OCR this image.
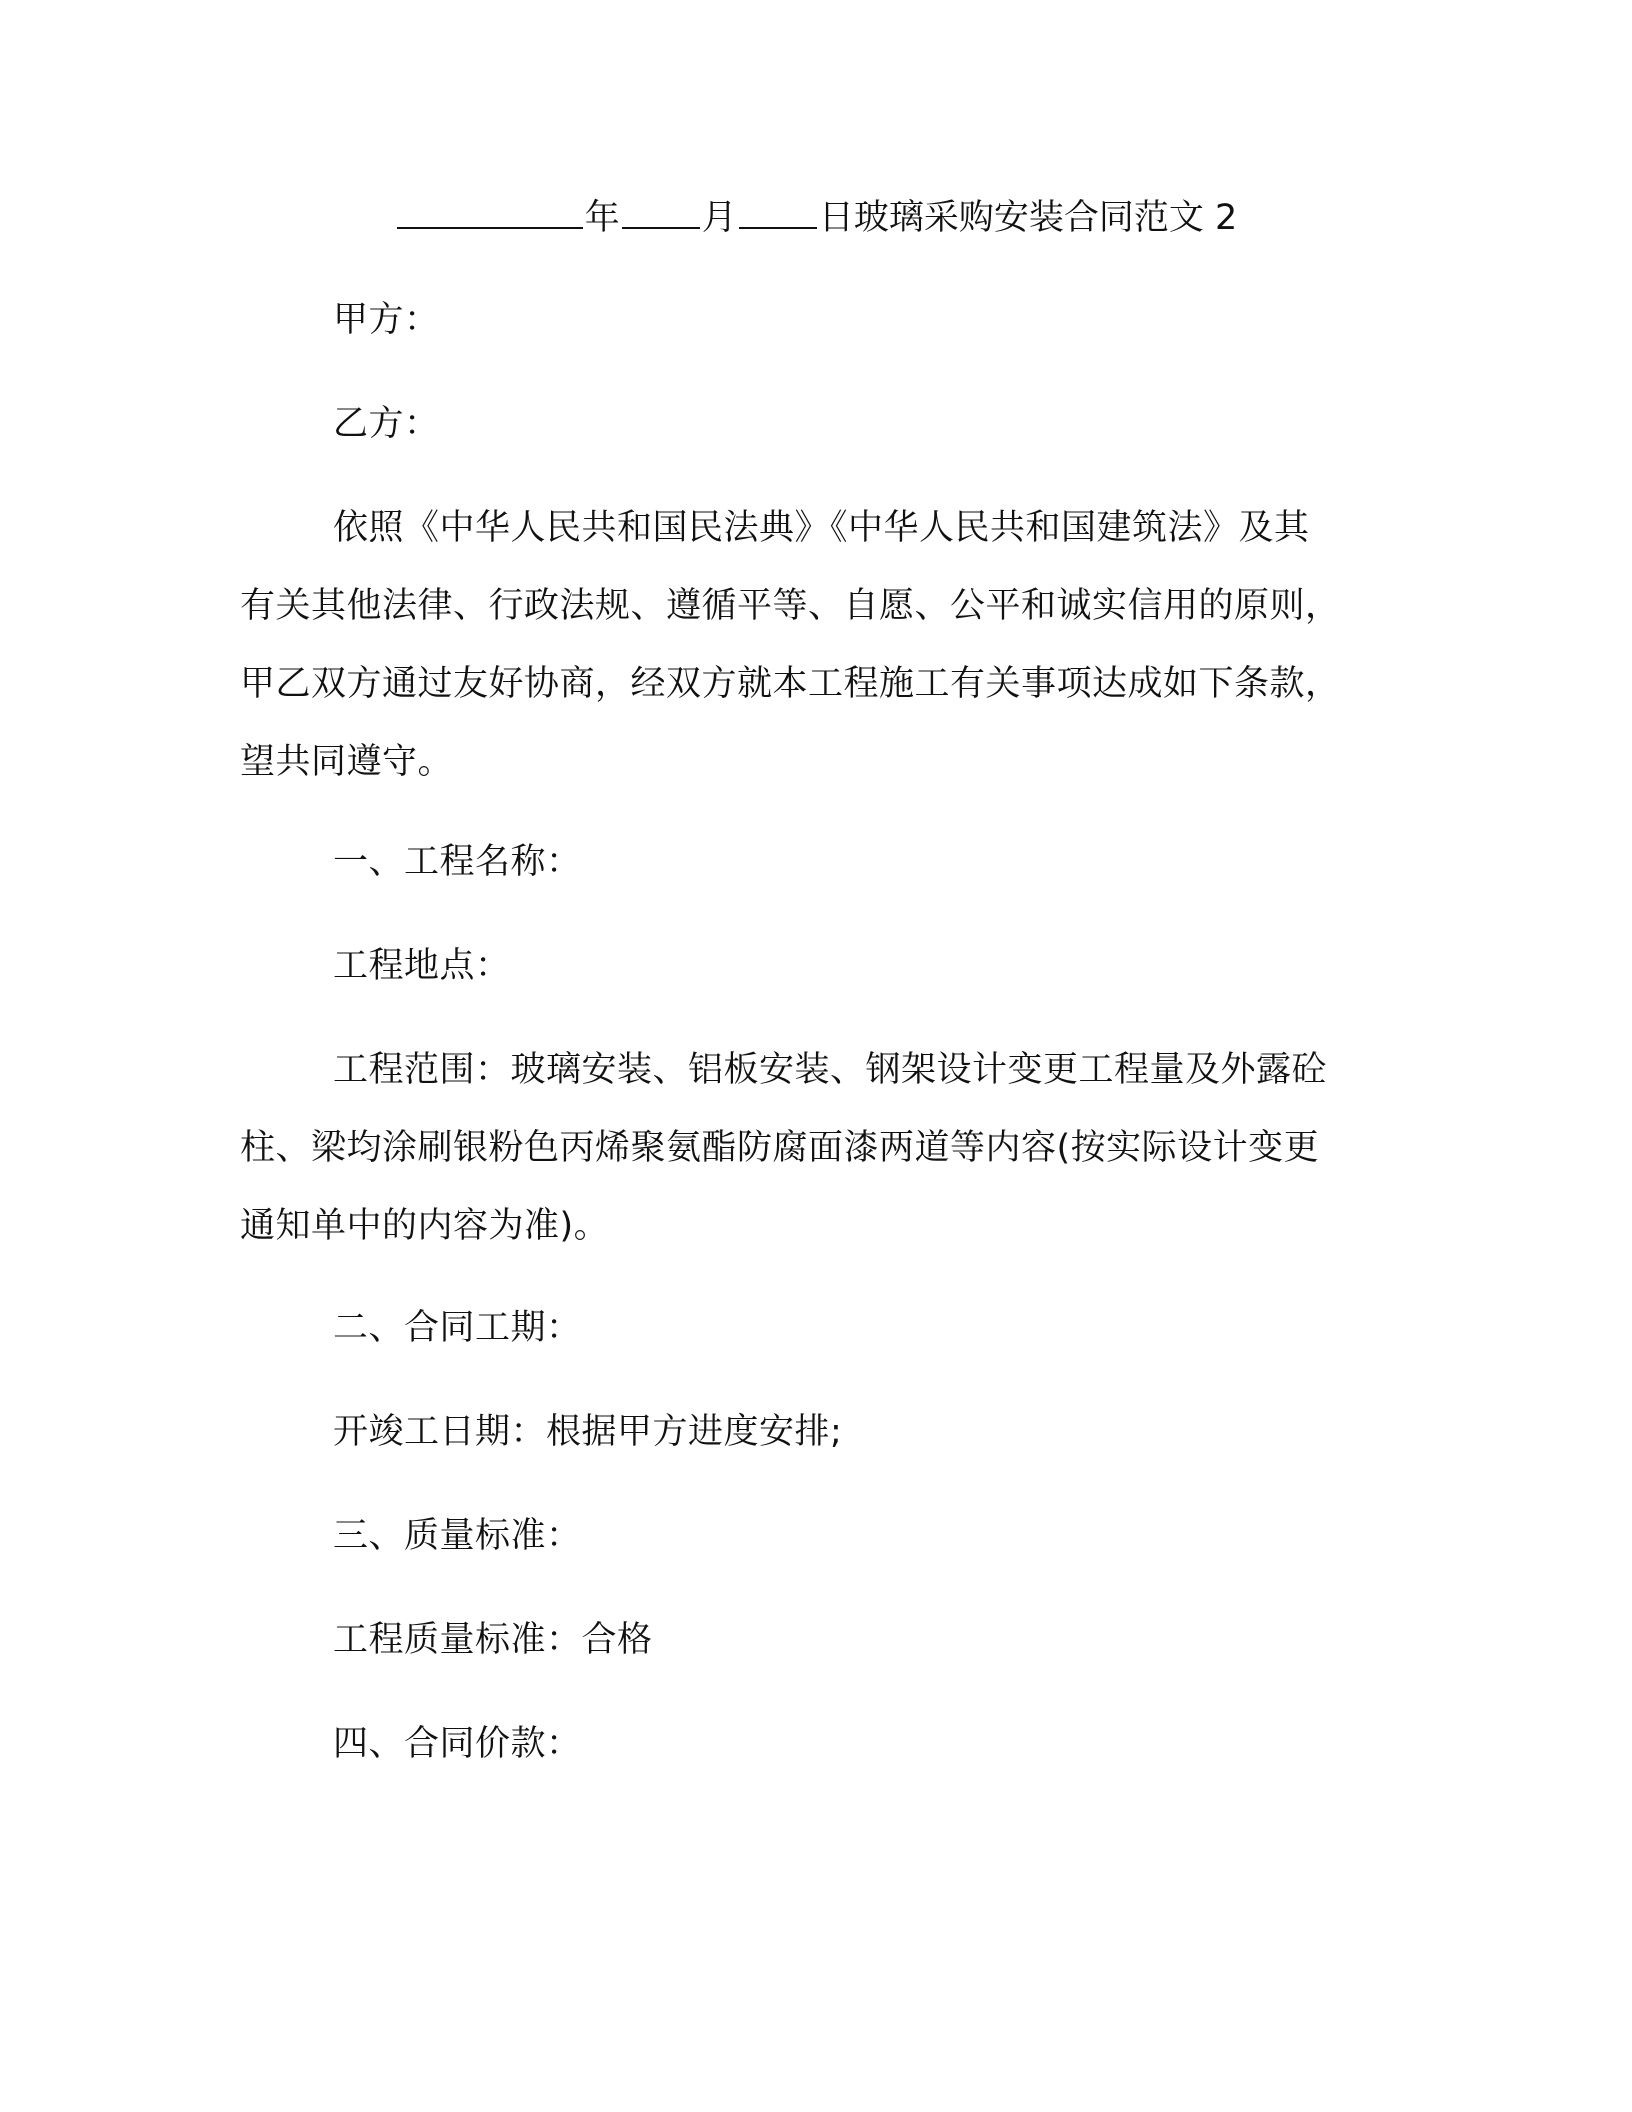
年 月 日玻璃采购安装合同范文 2
甲方：
乙方：
依照《中华人民共和国民法典》《中华人民共和国建筑法》及其
有关其他法律、行政法规、遵循平等、自愿、公平和诚实信用的原则，
甲乙双方通过友好协商，经双方就本工程施工有关事项达成如下条款，
望共同遵守。
一、工程名称：
工程地点：
工程范围：玻璃安装、铝板安装、钢架设计变更工程量及外露砼
柱、梁均涂刷银粉色丙烯聚氨酯防腐面漆两道等内容(按实际设计变更
通知单中的内容为准)。
二、合同工期：
开竣工日期：根据甲方进度安排;
三、质量标准：
工程质量标准：合格
四、合同价款：
